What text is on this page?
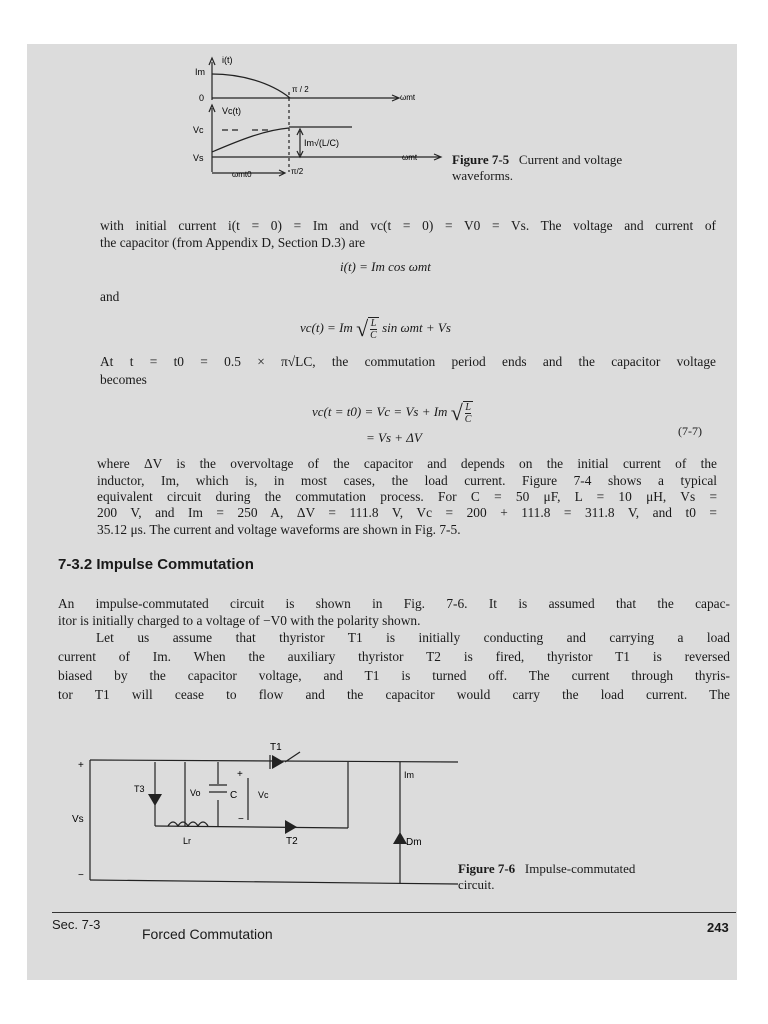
i(t)
Im
0
π / 2
ωmt
Vc(t)
Vc
Vs	ωmt
Im√(L/C)
ωmt0	π/2
Figure 7-5 Current and voltage
waveforms.
with initial current i(t = 0) = Im and vc(t = 0) = V0 = Vs. The voltage and current of
the capacitor (from Appendix D, Section D.3) are
i(t) = Im cos ωmt
and
vc(t) = Im √ $\frac{L}{C}$ sin ωmt + Vs
At t = t0 = 0.5 × π√LC, the commutation period ends and the capacitor voltage
becomes
vc(t = t0) = Vc = Vs + Im √ $\frac{L}{C}$
= Vs + ΔV	(7-7)
where ΔV is the overvoltage of the capacitor and depends on the initial current of the
inductor, Im, which is, in most cases, the load current. Figure 7-4 shows a typical
equivalent circuit during the commutation process. For C = 50 μF, L = 10 μH, Vs =
200 V, and Im = 250 A, ΔV = 111.8 V, Vc = 200 + 111.8 = 311.8 V, and t0 =
35.12 μs. The current and voltage waveforms are shown in Fig. 7-5.
7-3.2 Impulse Commutation
An impulse-commutated circuit is shown in Fig. 7-6. It is assumed that the capac-
itor is initially charged to a voltage of −V0 with the polarity shown.
Let us assume that thyristor T1 is initially conducting and carrying a load
current of Im. When the auxiliary thyristor T2 is fired, thyristor T1 is reversed
biased by the capacitor voltage, and T1 is turned off. The current through thyris-
tor T1 will cease to flow and the capacitor would carry the load current. The
T1
T2
T3	Vo	C Vc
Lr
Vs
Im
Dm
+
−
+
−
Figure 7-6 Impulse-commutated
circuit.
Sec. 7-3
Forced Commutation	243
